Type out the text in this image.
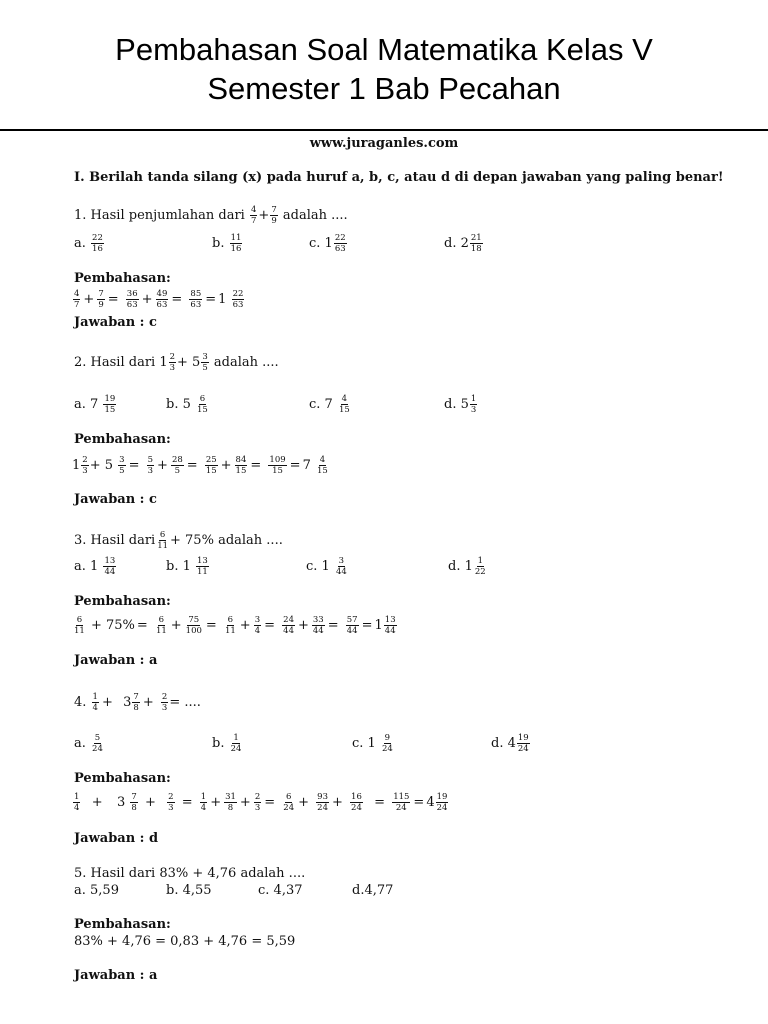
Pembahasan Soal Matematika Kelas V
Semester 1 Bab Pecahan
www.juraganles.com
I. Berilah tanda silang (x) pada huruf a, b, c, atau d di depan jawaban yang paling benar!
1. Hasil penjumlahan dari $\frac{4}{7} + \frac{7}{9}$ adalah ....
a. $\frac{22}{16}$	b. $\frac{11}{16}$	c. $1 \frac{22}{63}$	d. $2 \frac{21}{18}$
Pembahasan:
$\frac{4}{7} + \frac{7}{9} = \frac{36}{63} + \frac{49}{63} = \frac{85}{63} = 1 \frac{22}{63}$
Jawaban : c
2. Hasil dari $1 \frac{2}{3} + 5 \frac{3}{5}$ adalah ....
a. $7 \frac{19}{15}$	b. $5 \frac{6}{15}$	c. $7 \frac{4}{15}$	d. $5 \frac{1}{3}$
Pembahasan:
$1 \frac{2}{3} + 5 \frac{3}{5} = \frac{5}{3} + \frac{28}{5} = \frac{25}{15} + \frac{84}{15} = \frac{109}{15} = 7 \frac{4}{15}$
Jawaban : c
3. Hasil dari $\frac{6}{11} + 75\%$ adalah ....
a. $1 \frac{13}{44}$	b. $1 \frac{13}{11}$	c. $1 \frac{3}{44}$	d. $1 \frac{1}{22}$
Pembahasan:
$\frac{6}{11} + 75\% = \frac{6}{11} + \frac{75}{100} = \frac{6}{11} + \frac{3}{4} = \frac{24}{44} + \frac{33}{44} = \frac{57}{44} = 1 \frac{13}{44}$
Jawaban : a
4. $\frac{1}{4} + 3 \frac{7}{8} + \frac{2}{3}$ = ....
a. $\frac{5}{24}$	b. $\frac{1}{24}$	c. $1 \frac{9}{24}$	d. $4 \frac{19}{24}$
Pembahasan:
$\frac{1}{4} + 3 \frac{7}{8} + \frac{2}{3} = \frac{1}{4} + \frac{31}{8} + \frac{2}{3} = \frac{6}{24} + \frac{93}{24} + \frac{16}{24} = \frac{115}{24} = 4 \frac{19}{24}$
Jawaban : d
5. Hasil dari 83% + 4,76 adalah ....
a. 5,59	b. 4,55	c. 4,37	d.4,77
Pembahasan:
83% + 4,76 = 0,83 + 4,76 = 5,59
Jawaban : a
